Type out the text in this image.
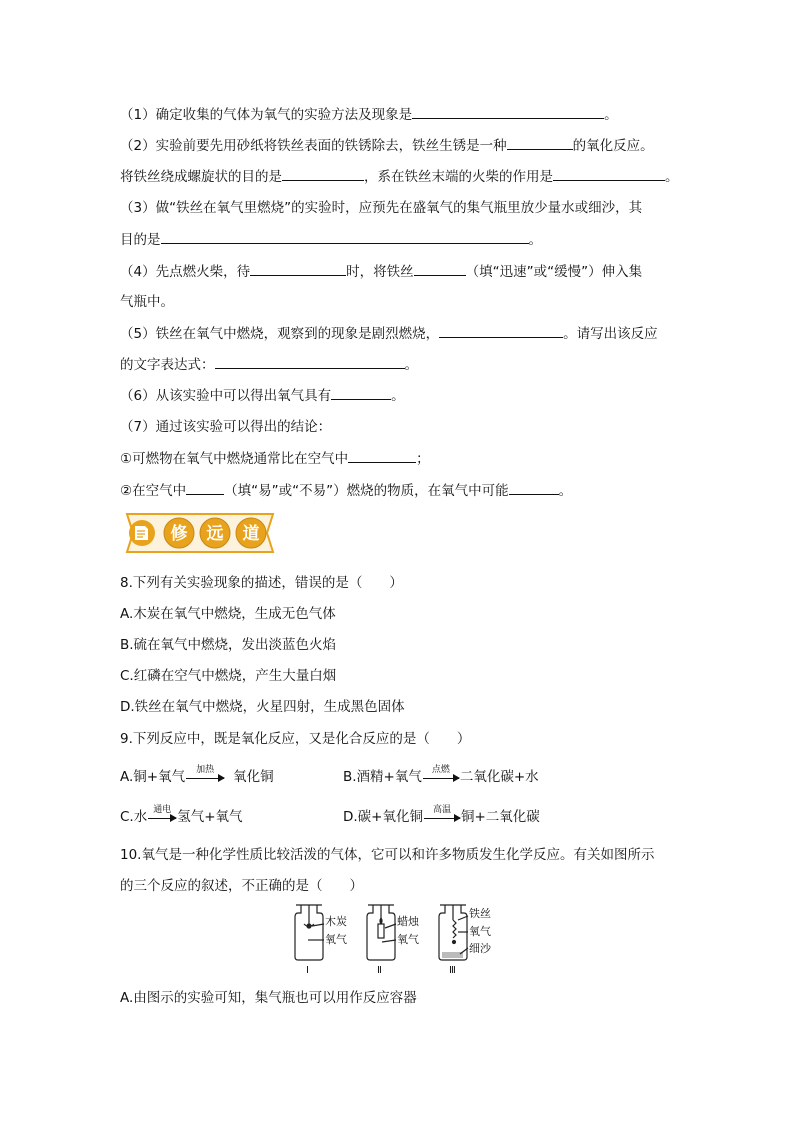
（1）确定收集的气体为氧气的实验方法及现象是	。
（2）实验前要先用砂纸将铁丝表面的铁锈除去，铁丝生锈是一种	的氧化反应。
将铁丝绕成螺旋状的目的是	，系在铁丝末端的火柴的作用是	。
（3）做“铁丝在氧气里燃烧”的实验时，应预先在盛氧气的集气瓶里放少量水或细沙，其
目的是	。
（4）先点燃火柴，待	时，将铁丝	（填“迅速”或“缓慢”）伸入集
气瓶中。
（5）铁丝在氧气中燃烧，观察到的现象是剧烈燃烧，	。请写出该反应
的文字表达式：	。
（6）从该实验中可以得出氧气具有	。
（7）通过该实验可以得出的结论：
①可燃物在氧气中燃烧通常比在空气中	；
②在空气中	（填“易”或“不易”）燃烧的物质，在氧气中可能	。
修 远 道
8.下列有关实验现象的描述，错误的是（　　）
A.木炭在氧气中燃烧，生成无色气体
B.硫在氧气中燃烧，发出淡蓝色火焰
C.红磷在空气中燃烧，产生大量白烟
D.铁丝在氧气中燃烧，火星四射，生成黑色固体
9.下列反应中，既是氧化反应，又是化合反应的是（　　）
A.铜+氧气	加热	氧化铜	B.酒精+氧气	点燃 二氧化碳+水
C.水 通电 氢气+氧气	D.碳+氧化铜	高温 铜+二氧化碳
10.氧气是一种化学性质比较活泼的气体，它可以和许多物质发生化学反应。有关如图所示
的三个反应的叙述，不正确的是（　　）
木炭
氧气
Ⅰ
蜡烛
氧气
Ⅱ
铁丝
氧气
细沙
Ⅲ
A.由图示的实验可知，集气瓶也可以用作反应容器
